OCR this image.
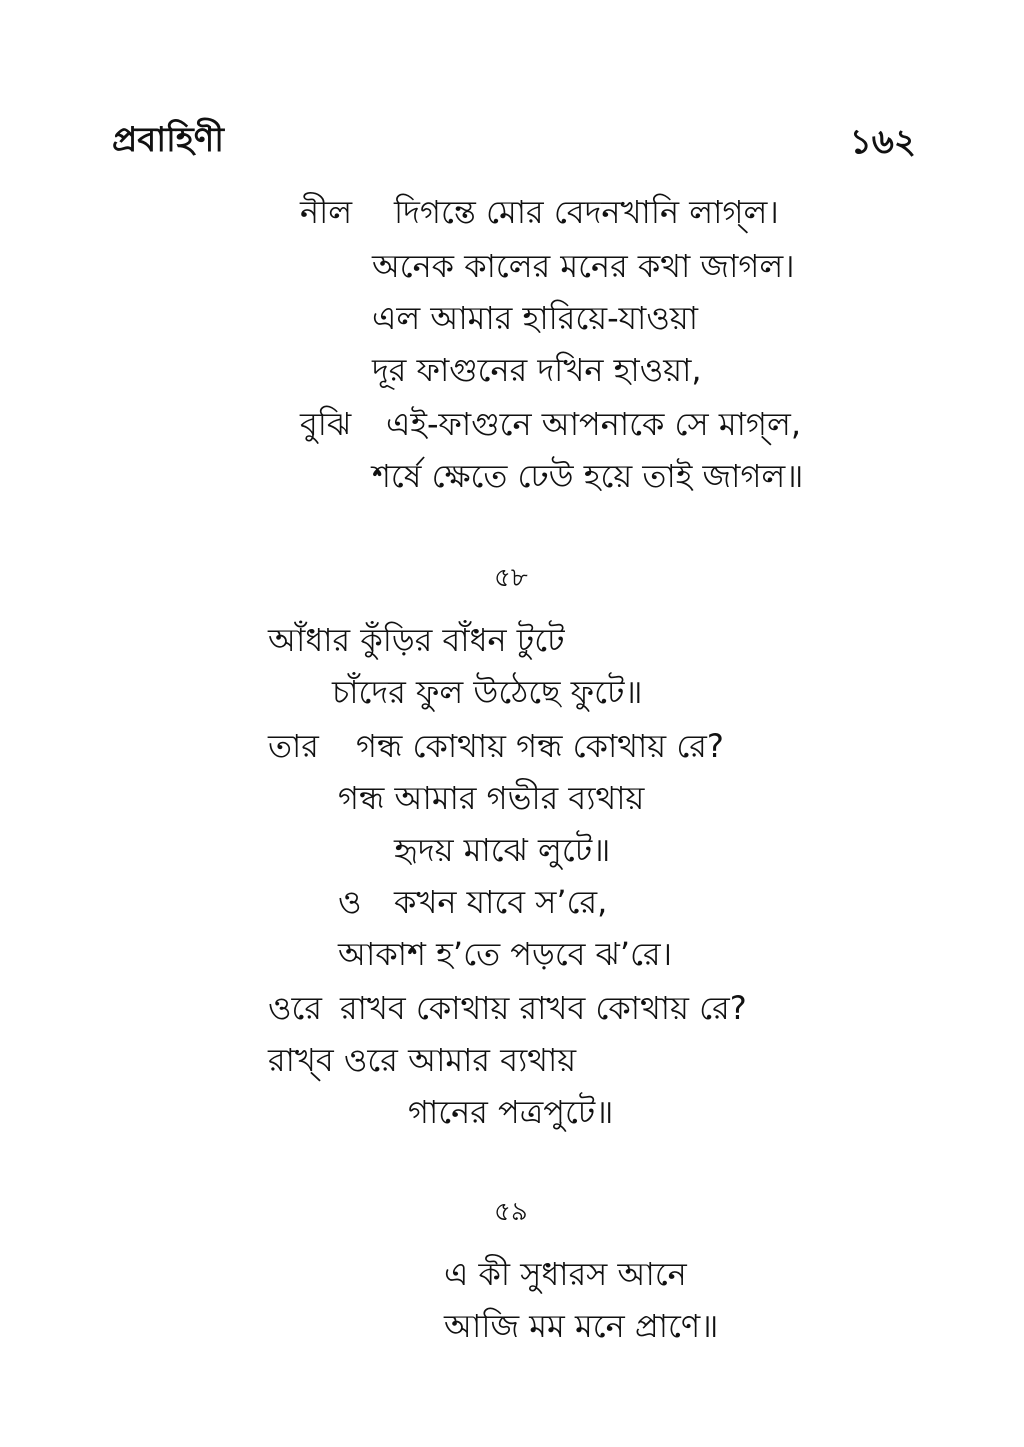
প্রবাহিণী	১৬২
নীল দিগন্তে মোর বেদনখানি লাগ্‌ল।
অনেক কালের মনের কথা জাগল।
এল আমার হারিয়ে-যাওয়া
দূর ফাগুনের দখিন হাওয়া,
বুঝি এই-ফাগুনে আপনাকে সে মাগ্‌ল,
শর্ষে ক্ষেতে ঢেউ হয়ে তাই জাগল॥
৫৮
আঁধার কুঁড়ির বাঁধন টুটে
চাঁদের ফুল উঠেছে ফুটে॥
তার গন্ধ কোথায় গন্ধ কোথায় রে?
গন্ধ আমার গভীর ব্যথায়
হৃদয় মাঝে লুটে॥
ও কখন যাবে স’রে,
আকাশ হ’তে পড়বে ঝ’রে।
ওরে রাখব কোথায় রাখব কোথায় রে?
রাখ্‌ব ওরে আমার ব্যথায়
গানের পত্রপুটে॥
৫৯
এ কী সুধারস আনে
আজি মম মনে প্রাণে॥
